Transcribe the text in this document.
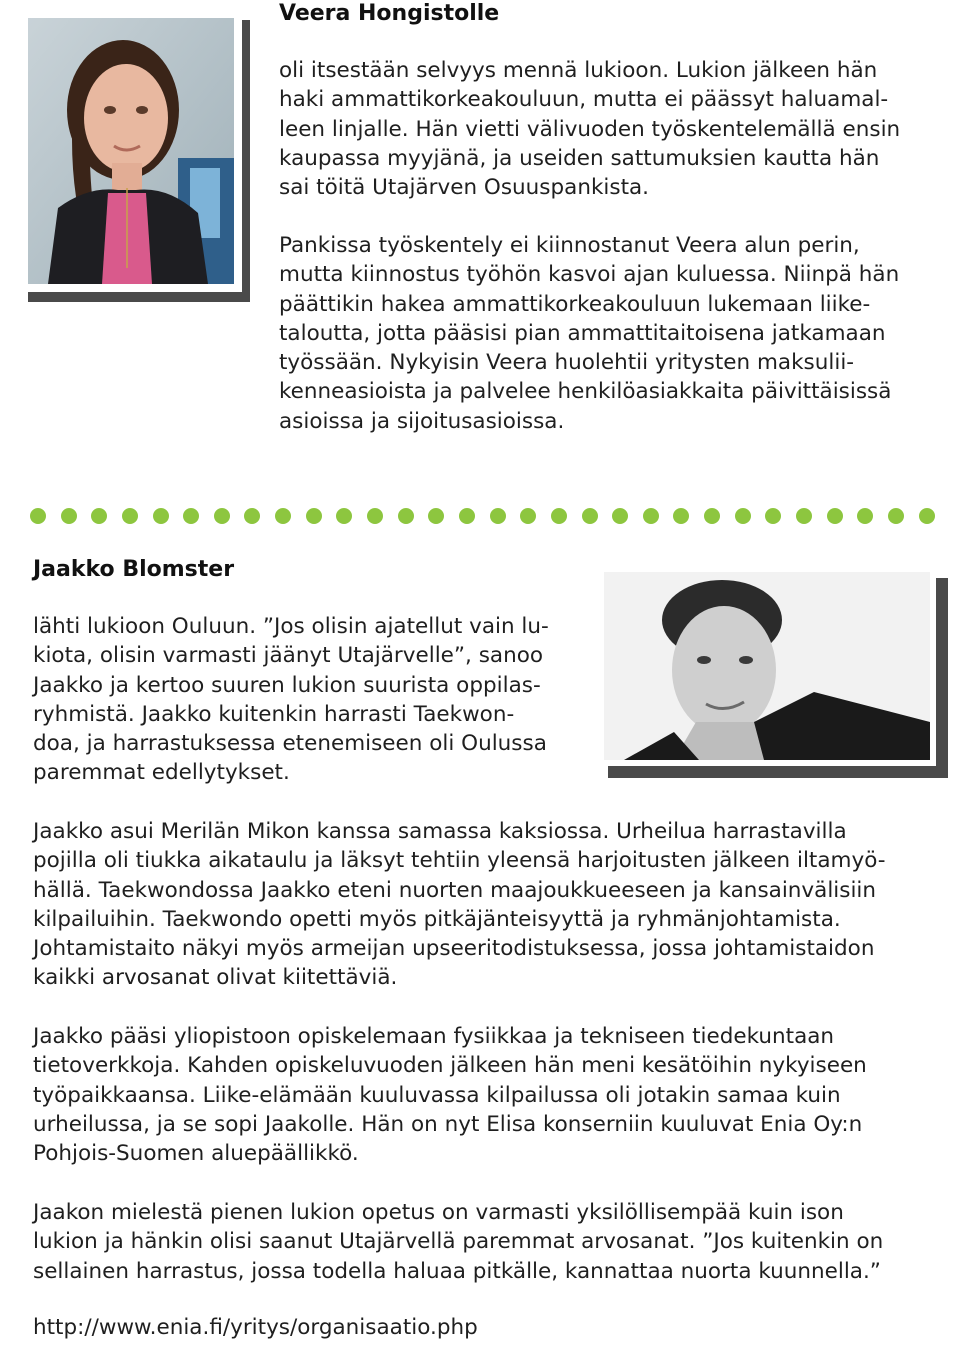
Veera Hongistolle
oli itsestään selvyys mennä lukioon. Lukion jälkeen hän
haki ammattikorkeakouluun, mutta ei päässyt haluamal-
leen linjalle. Hän vietti välivuoden työskentelemällä ensin
kaupassa myyjänä, ja useiden sattumuksien kautta hän
sai töitä Utajärven Osuuspankista.
Pankissa työskentely ei kiinnostanut Veera alun perin,
mutta kiinnostus työhön kasvoi ajan kuluessa. Niinpä hän
päättikin hakea ammattikorkeakouluun lukemaan liike-
taloutta, jotta pääsisi pian ammattitaitoisena jatkamaan
työssään. Nykyisin Veera huolehtii yritysten maksulii-
kenneasioista ja palvelee henkilöasiakkaita päivittäisissä
asioissa ja sijoitusasioissa.
Jaakko Blomster
lähti lukioon Ouluun. ”Jos olisin ajatellut vain lu-
kiota, olisin varmasti jäänyt Utajärvelle”, sanoo
Jaakko ja kertoo suuren lukion suurista oppilas-
ryhmistä. Jaakko kuitenkin harrasti Taekwon-
doa, ja harrastuksessa etenemiseen oli Oulussa
paremmat edellytykset.
Jaakko asui Merilän Mikon kanssa samassa kaksiossa. Urheilua harrastavilla
pojilla oli tiukka aikataulu ja läksyt tehtiin yleensä harjoitusten jälkeen iltamyö-
hällä. Taekwondossa Jaakko eteni nuorten maajoukkueeseen ja kansainvälisiin
kilpailuihin. Taekwondo opetti myös pitkäjänteisyyttä ja ryhmänjohtamista.
Johtamistaito näkyi myös armeijan upseeritodistuksessa, jossa johtamistaidon
kaikki arvosanat olivat kiitettäviä.
Jaakko pääsi yliopistoon opiskelemaan fysiikkaa ja tekniseen tiedekuntaan
tietoverkkoja. Kahden opiskeluvuoden jälkeen hän meni kesätöihin nykyiseen
työpaikkaansa. Liike-elämään kuuluvassa kilpailussa oli jotakin samaa kuin
urheilussa, ja se sopi Jaakolle. Hän on nyt Elisa konserniin kuuluvat Enia Oy:n
Pohjois-Suomen aluepäällikkö.
Jaakon mielestä pienen lukion opetus on varmasti yksilöllisempää kuin ison
lukion ja hänkin olisi saanut Utajärvellä paremmat arvosanat. ”Jos kuitenkin on
sellainen harrastus, jossa todella haluaa pitkälle, kannattaa nuorta kuunnella.”
http://www.enia.fi/yritys/organisaatio.php
